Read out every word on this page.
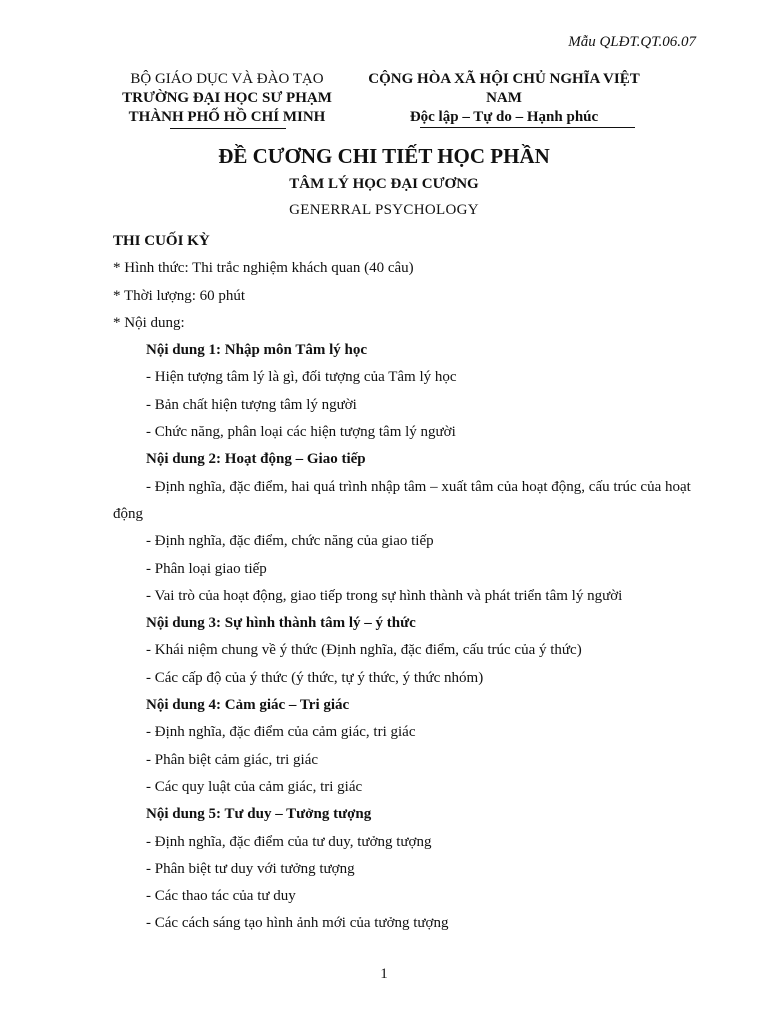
Mẫu QLĐT.QT.06.07
BỘ GIÁO DỤC VÀ ĐÀO TẠO
TRƯỜNG ĐẠI HỌC SƯ PHẠM
THÀNH PHỐ HỒ CHÍ MINH
CỘNG HÒA XÃ HỘI CHỦ NGHĨA VIỆT
NAM
Độc lập – Tự do – Hạnh phúc
ĐỀ CƯƠNG CHI TIẾT HỌC PHẦN
TÂM LÝ HỌC ĐẠI CƯƠNG
GENERRAL PSYCHOLOGY

THI CUỐI KỲ

* Hình thức: Thi trắc nghiệm khách quan (40 câu)

* Thời lượng: 60 phút

* Nội dung:

Nội dung 1: Nhập môn Tâm lý học

- Hiện tượng tâm lý là gì, đối tượng của Tâm lý học

- Bản chất hiện tượng tâm lý người

- Chức năng, phân loại các hiện tượng tâm lý người

Nội dung 2: Hoạt động – Giao tiếp

- Định nghĩa, đặc điểm, hai quá trình nhập tâm – xuất tâm của hoạt động, cấu trúc của hoạt động

- Định nghĩa, đặc điểm, chức năng của giao tiếp

- Phân loại giao tiếp

- Vai trò của hoạt động, giao tiếp trong sự hình thành và phát triển tâm lý người

Nội dung 3: Sự hình thành tâm lý – ý thức

- Khái niệm chung về ý thức (Định nghĩa, đặc điểm, cấu trúc của ý thức)

- Các cấp độ của ý thức (ý thức, tự ý thức, ý thức nhóm)

Nội dung 4: Cảm giác – Tri giác

- Định nghĩa, đặc điểm của cảm giác, tri giác

- Phân biệt cảm giác, tri giác

- Các quy luật của cảm giác, tri giác

Nội dung 5: Tư duy – Tưởng tượng

- Định nghĩa, đặc điểm của tư duy, tưởng tượng

- Phân biệt tư duy với tưởng tượng

- Các thao tác của tư duy

- Các cách sáng tạo hình ảnh mới của tưởng tượng

1
